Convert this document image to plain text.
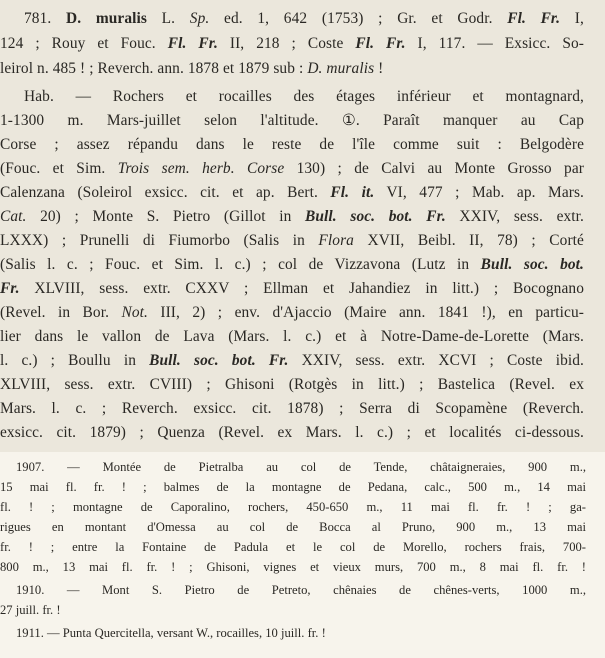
781. D. muralis L. Sp. ed. 1, 642 (1753) ; Gr. et Godr. Fl. Fr. I,
124 ; Rouy et Fouc. Fl. Fr. II, 218 ; Coste Fl. Fr. I, 117. — Exsicc. So-
leirol n. 485 ! ; Reverch. ann. 1878 et 1879 sub : D. muralis !
Hab. — Rochers et rocailles des étages inférieur et montagnard,
1-1300 m. Mars-juillet selon l'altitude. ①. Paraît manquer au Cap
Corse ; assez répandu dans le reste de l'île comme suit : Belgodère
(Fouc. et Sim. Trois sem. herb. Corse 130) ; de Calvi au Monte Grosso par
Calenzana (Soleirol exsicc. cit. et ap. Bert. Fl. it. VI, 477 ; Mab. ap. Mars.
Cat. 20) ; Monte S. Pietro (Gillot in Bull. soc. bot. Fr. XXIV, sess. extr.
LXXX) ; Prunelli di Fiumorbo (Salis in Flora XVII, Beibl. II, 78) ; Corté
(Salis l. c. ; Fouc. et Sim. l. c.) ; col de Vizzavona (Lutz in Bull. soc. bot.
Fr. XLVIII, sess. extr. CXXV ; Ellman et Jahandiez in litt.) ; Bocognano
(Revel. in Bor. Not. III, 2) ; env. d'Ajaccio (Maire ann. 1841 !), en particu-
lier dans le vallon de Lava (Mars. l. c.) et à Notre-Dame-de-Lorette (Mars.
l. c.) ; Boullu in Bull. soc. bot. Fr. XXIV, sess. extr. XCVI ; Coste ibid.
XLVIII, sess. extr. CVIII) ; Ghisoni (Rotgès in litt.) ; Bastelica (Revel. ex
Mars. l. c. ; Reverch. exsicc. cit. 1878) ; Serra di Scopamène (Reverch.
exsicc. cit. 1879) ; Quenza (Revel. ex Mars. l. c.) ; et localités ci-dessous.
1907. — Montée de Pietralba au col de Tende, châtaigneraies, 900 m.,
15 mai fl. fr. ! ; balmes de la montagne de Pedana, calc., 500 m., 14 mai
fl. ! ; montagne de Caporalino, rochers, 450-650 m., 11 mai fl. fr. ! ; ga-
rigues en montant d'Omessa au col de Bocca al Pruno, 900 m., 13 mai
fr. ! ; entre la Fontaine de Padula et le col de Morello, rochers frais, 700-
800 m., 13 mai fl. fr. ! ; Ghisoni, vignes et vieux murs, 700 m., 8 mai fl. fr. !
1910. — Mont S. Pietro de Petreto, chênaies de chênes-verts, 1000 m.,
27 juill. fr. !
1911. — Punta Quercitella, versant W., rocailles, 10 juill. fr. !
